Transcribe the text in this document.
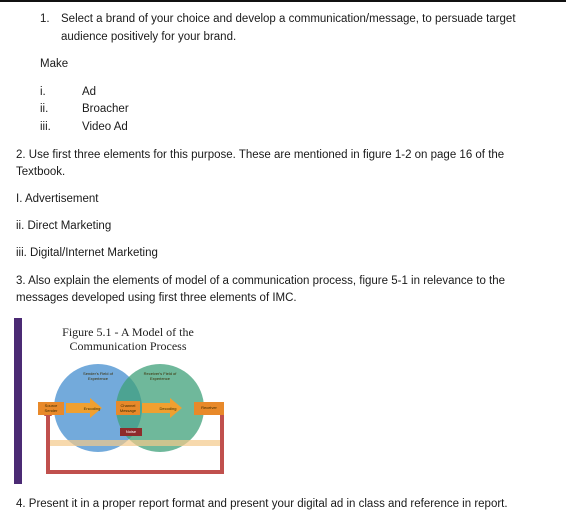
1. Select a brand of your choice and develop a communication/message, to persuade target
audience positively for your brand.
Make
i.	Ad
ii.	Broacher
iii.	Video Ad
2. Use first three elements for this purpose. These are mentioned in figure 1-2 on page 16 of the
Textbook.
I. Advertisement
ii. Direct Marketing
iii. Digital/Internet Marketing
3. Also explain the elements of model of a communication process, figure 5-1 in relevance to the
messages developed using first three elements of IMC.
Figure 5.1 - A Model of the
Communication Process
Sender's Field of Experience
Receiver's Field of Experience
Source Sender	Encoding
Channel Message	Decoding	Receiver
Noise
4. Present it in a proper report format and present your digital ad in class and reference in report.
